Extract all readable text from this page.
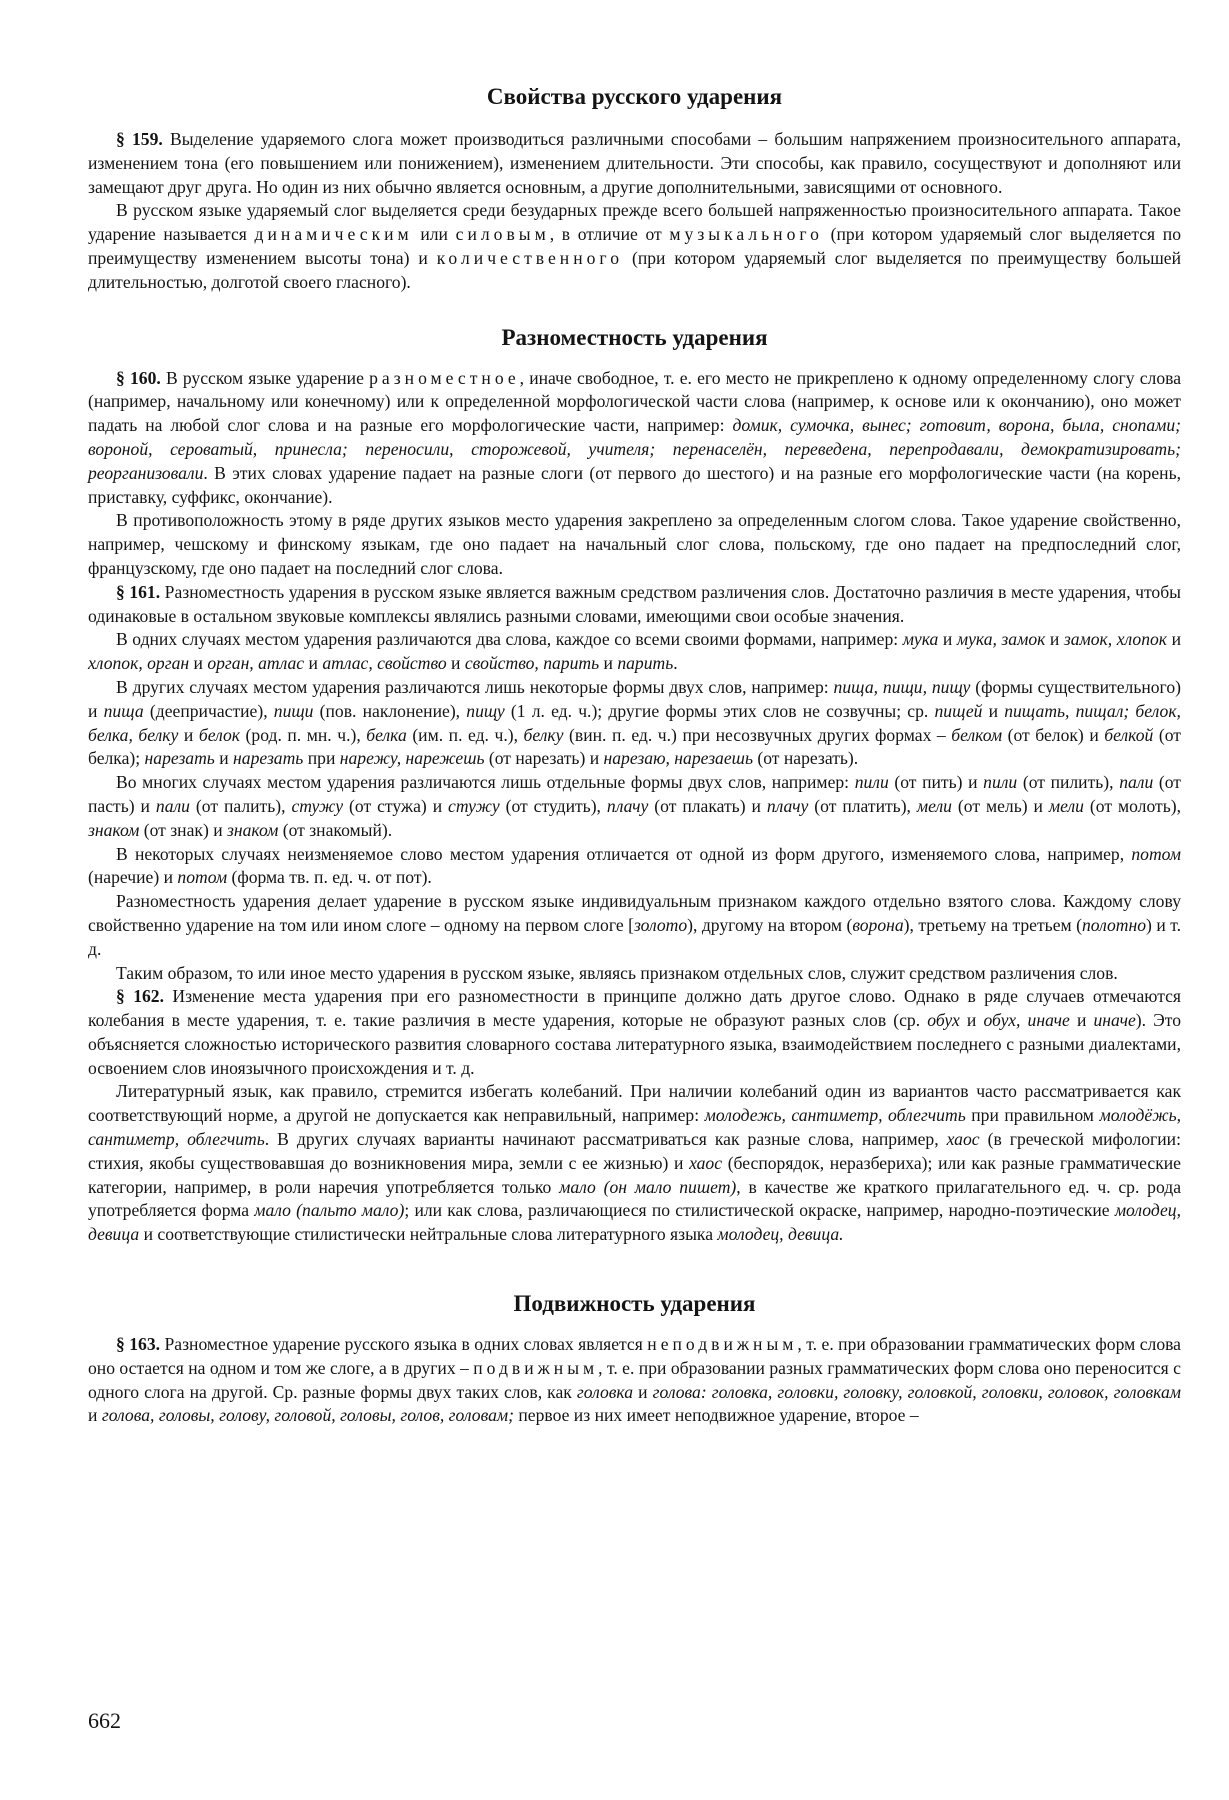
Свойства русского ударения

§ 159. Выделение ударяемого слога может производиться различными способами – большим напряжением произносительного аппарата, изменением тона (его повышением или понижением), изменением длительности. Эти способы, как правило, сосуществуют и дополняют или замещают друг друга. Но один из них обычно является основным, а другие дополнительными, зависящими от основного.

В русском языке ударяемый слог выделяется среди безударных прежде всего большей напряженностью произносительного аппарата. Такое ударение называется динамическим или силовым, в отличие от музыкального (при котором ударяемый слог выделяется по преимуществу изменением высоты тона) и количественного (при котором ударяемый слог выделяется по преимуществу большей длительностью, долготой своего гласного).

Разноместность ударения

§ 160. В русском языке ударение разноместное, иначе свободное, т. е. его место не прикреплено к одному определенному слогу слова (например, начальному или конечному) или к определенной морфологической части слова (например, к основе или к окончанию), оно может падать на любой слог слова и на разные его морфологические части, например: домик, сумочка, вынес; готовит, ворона, была, снопами; вороной, сероватый, принесла; переносили, сторожевой, учителя; перенаселён, переведена, перепродавали, демократизировать; реорганизовали. В этих словах ударение падает на разные слоги (от первого до шестого) и на разные его морфологические части (на корень, приставку, суффикс, окончание).

В противоположность этому в ряде других языков место ударения закреплено за определенным слогом слова. Такое ударение свойственно, например, чешскому и финскому языкам, где оно падает на начальный слог слова, польскому, где оно падает на предпоследний слог, французскому, где оно падает на последний слог слова.

§ 161. Разноместность ударения в русском языке является важным средством различения слов. Достаточно различия в месте ударения, чтобы одинаковые в остальном звуковые комплексы являлись разными словами, имеющими свои особые значения.

В одних случаях местом ударения различаются два слова, каждое со всеми своими формами, например: мука и мука, замок и замок, хлопок и хлопок, орган и орган, атлас и атлас, свойство и свойство, парить и парить.

В других случаях местом ударения различаются лишь некоторые формы двух слов, например: пища, пищи, пищу (формы существительного) и пища (деепричастие), пищи (пов. наклонение), пищу (1 л. ед. ч.); другие формы этих слов не созвучны; ср. пищей и пищать, пищал; белок, белка, белку и белок (род. п. мн. ч.), белка (им. п. ед. ч.), белку (вин. п. ед. ч.) при несозвучных других формах – белком (от белок) и белкой (от белка); нарезать и нарезать при нарежу, нарежешь (от нарезать) и нарезаю, нарезаешь (от нарезать).

Во многих случаях местом ударения различаются лишь отдельные формы двух слов, например: пили (от пить) и пили (от пилить), пали (от пасть) и пали (от палить), стужу (от стужа) и стужу (от студить), плачу (от плакать) и плачу (от платить), мели (от мель) и мели (от молоть), знаком (от знак) и знаком (от знакомый).

В некоторых случаях неизменяемое слово местом ударения отличается от одной из форм другого, изменяемого слова, например, потом (наречие) и потом (форма тв. п. ед. ч. от пот).

Разноместность ударения делает ударение в русском языке индивидуальным признаком каждого отдельно взятого слова. Каждому слову свойственно ударение на том или ином слоге – одному на первом слоге [золото), другому на втором (ворона), третьему на третьем (полотно) и т. д.

Таким образом, то или иное место ударения в русском языке, являясь признаком отдельных слов, служит средством различения слов.

§ 162. Изменение места ударения при его разноместности в принципе должно дать другое слово. Однако в ряде случаев отмечаются колебания в месте ударения, т. е. такие различия в месте ударения, которые не образуют разных слов (ср. обух и обух, иначе и иначе). Это объясняется сложностью исторического развития словарного состава литературного языка, взаимодействием последнего с разными диалектами, освоением слов иноязычного происхождения и т. д.

Литературный язык, как правило, стремится избегать колебаний. При наличии колебаний один из вариантов часто рассматривается как соответствующий норме, а другой не допускается как неправильный, например: молодежь, сантиметр, облегчить при правильном молодёжь, сантиметр, облегчить. В других случаях варианты начинают рассматриваться как разные слова, например, хаос (в греческой мифологии: стихия, якобы существовавшая до возникновения мира, земли с ее жизнью) и хаос (беспорядок, неразбериха); или как разные грамматические категории, например, в роли наречия употребляется только мало (он мало пишет), в качестве же краткого прилагательного ед. ч. ср. рода употребляется форма мало (пальто мало); или как слова, различающиеся по стилистической окраске, например, народно-поэтические молодец, девица и соответствующие стилистически нейтральные слова литературного языка молодец, девица.

Подвижность ударения

§ 163. Разноместное ударение русского языка в одних словах является неподвижным, т. е. при образовании грамматических форм слова оно остается на одном и том же слоге, а в других – подвижным, т. е. при образовании разных грамматических форм слова оно переносится с одного слога на другой. Ср. разные формы двух таких слов, как головка и голова: головка, головки, головку, головкой, головки, головок, головкам и голова, головы, голову, головой, головы, голов, головам; первое из них имеет неподвижное ударение, второе –

662
